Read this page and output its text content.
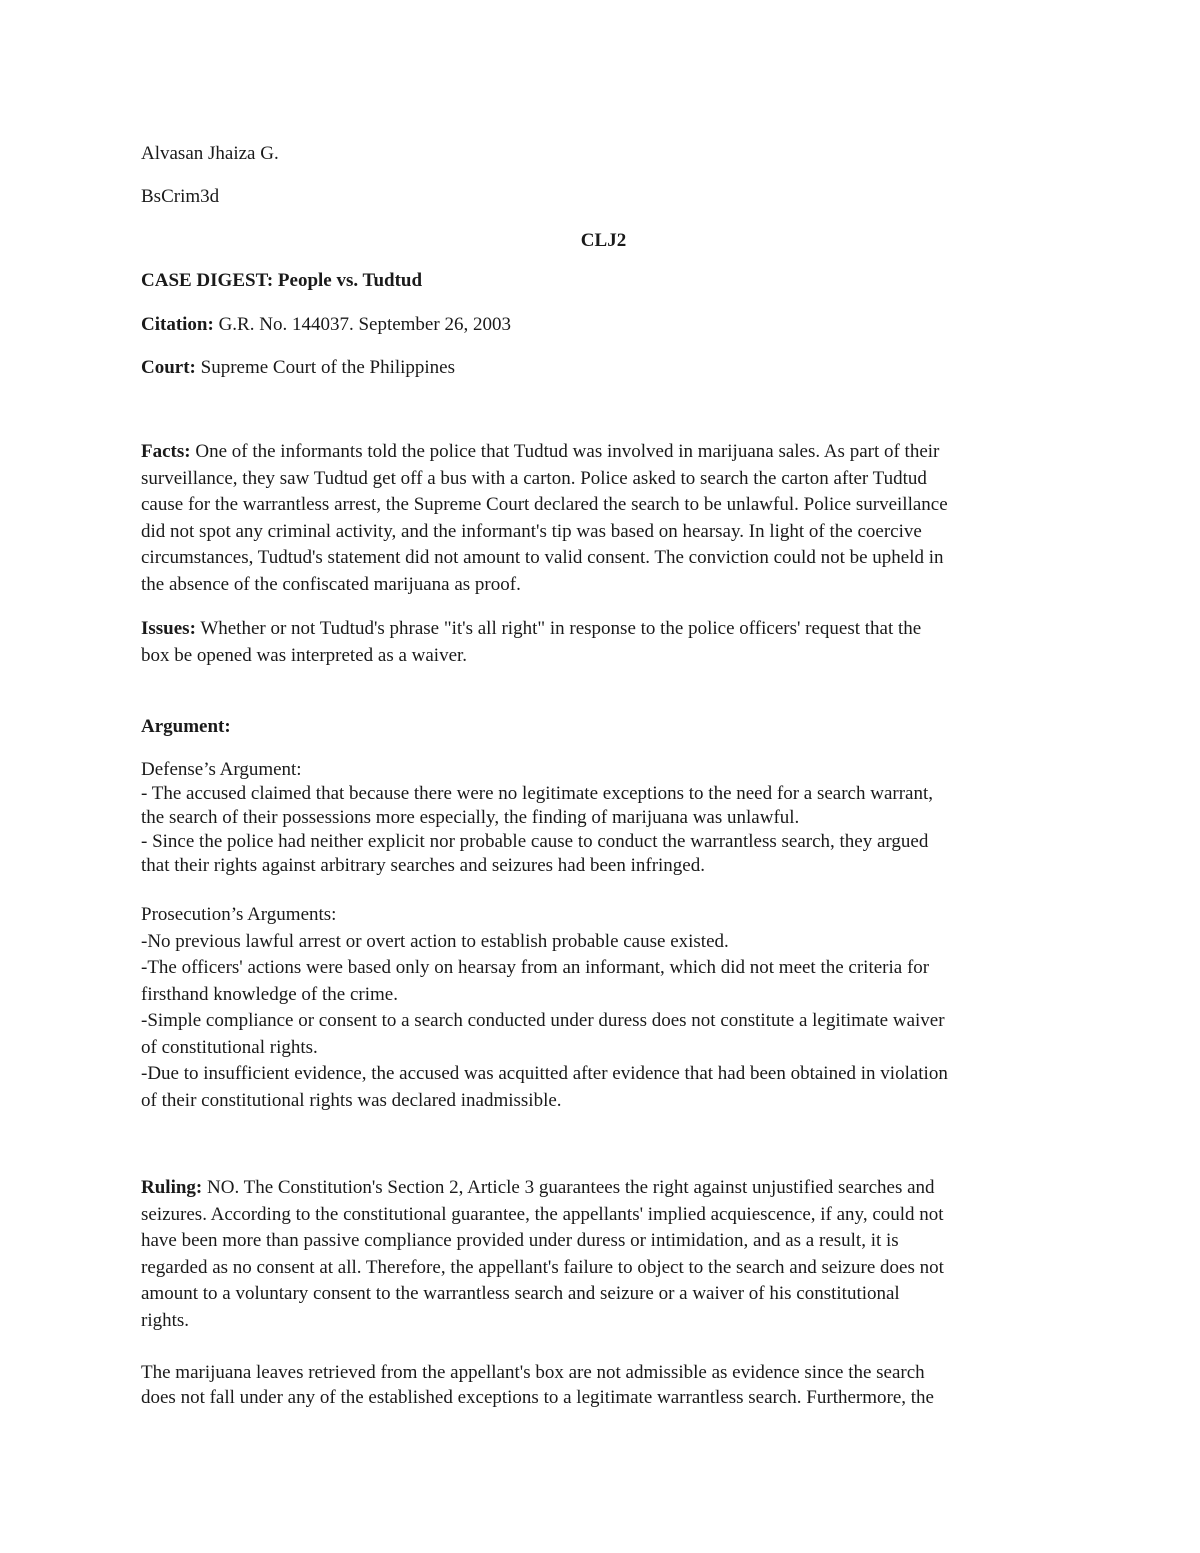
Alvasan Jhaiza G.
BsCrim3d
CLJ2
CASE DIGEST: People vs. Tudtud
Citation: G.R. No. 144037. September 26, 2003
Court: Supreme Court of the Philippines
Facts: One of the informants told the police that Tudtud was involved in marijuana sales. As part of their
surveillance, they saw Tudtud get off a bus with a carton. Police asked to search the carton after Tudtud
cause for the warrantless arrest, the Supreme Court declared the search to be unlawful. Police surveillance
did not spot any criminal activity, and the informant's tip was based on hearsay. In light of the coercive
circumstances, Tudtud's statement did not amount to valid consent. The conviction could not be upheld in
the absence of the confiscated marijuana as proof.
Issues: Whether or not Tudtud's phrase "it's all right" in response to the police officers' request that the
box be opened was interpreted as a waiver.
Argument:
Defense’s Argument:
- The accused claimed that because there were no legitimate exceptions to the need for a search warrant,
the search of their possessions more especially, the finding of marijuana was unlawful.
- Since the police had neither explicit nor probable cause to conduct the warrantless search, they argued
that their rights against arbitrary searches and seizures had been infringed.
Prosecution’s Arguments:
-No previous lawful arrest or overt action to establish probable cause existed.
-The officers' actions were based only on hearsay from an informant, which did not meet the criteria for
firsthand knowledge of the crime.
-Simple compliance or consent to a search conducted under duress does not constitute a legitimate waiver
of constitutional rights.
-Due to insufficient evidence, the accused was acquitted after evidence that had been obtained in violation
of their constitutional rights was declared inadmissible.
Ruling: NO. The Constitution's Section 2, Article 3 guarantees the right against unjustified searches and
seizures. According to the constitutional guarantee, the appellants' implied acquiescence, if any, could not
have been more than passive compliance provided under duress or intimidation, and as a result, it is
regarded as no consent at all. Therefore, the appellant's failure to object to the search and seizure does not
amount to a voluntary consent to the warrantless search and seizure or a waiver of his constitutional
rights.
The marijuana leaves retrieved from the appellant's box are not admissible as evidence since the search
does not fall under any of the established exceptions to a legitimate warrantless search. Furthermore, the
